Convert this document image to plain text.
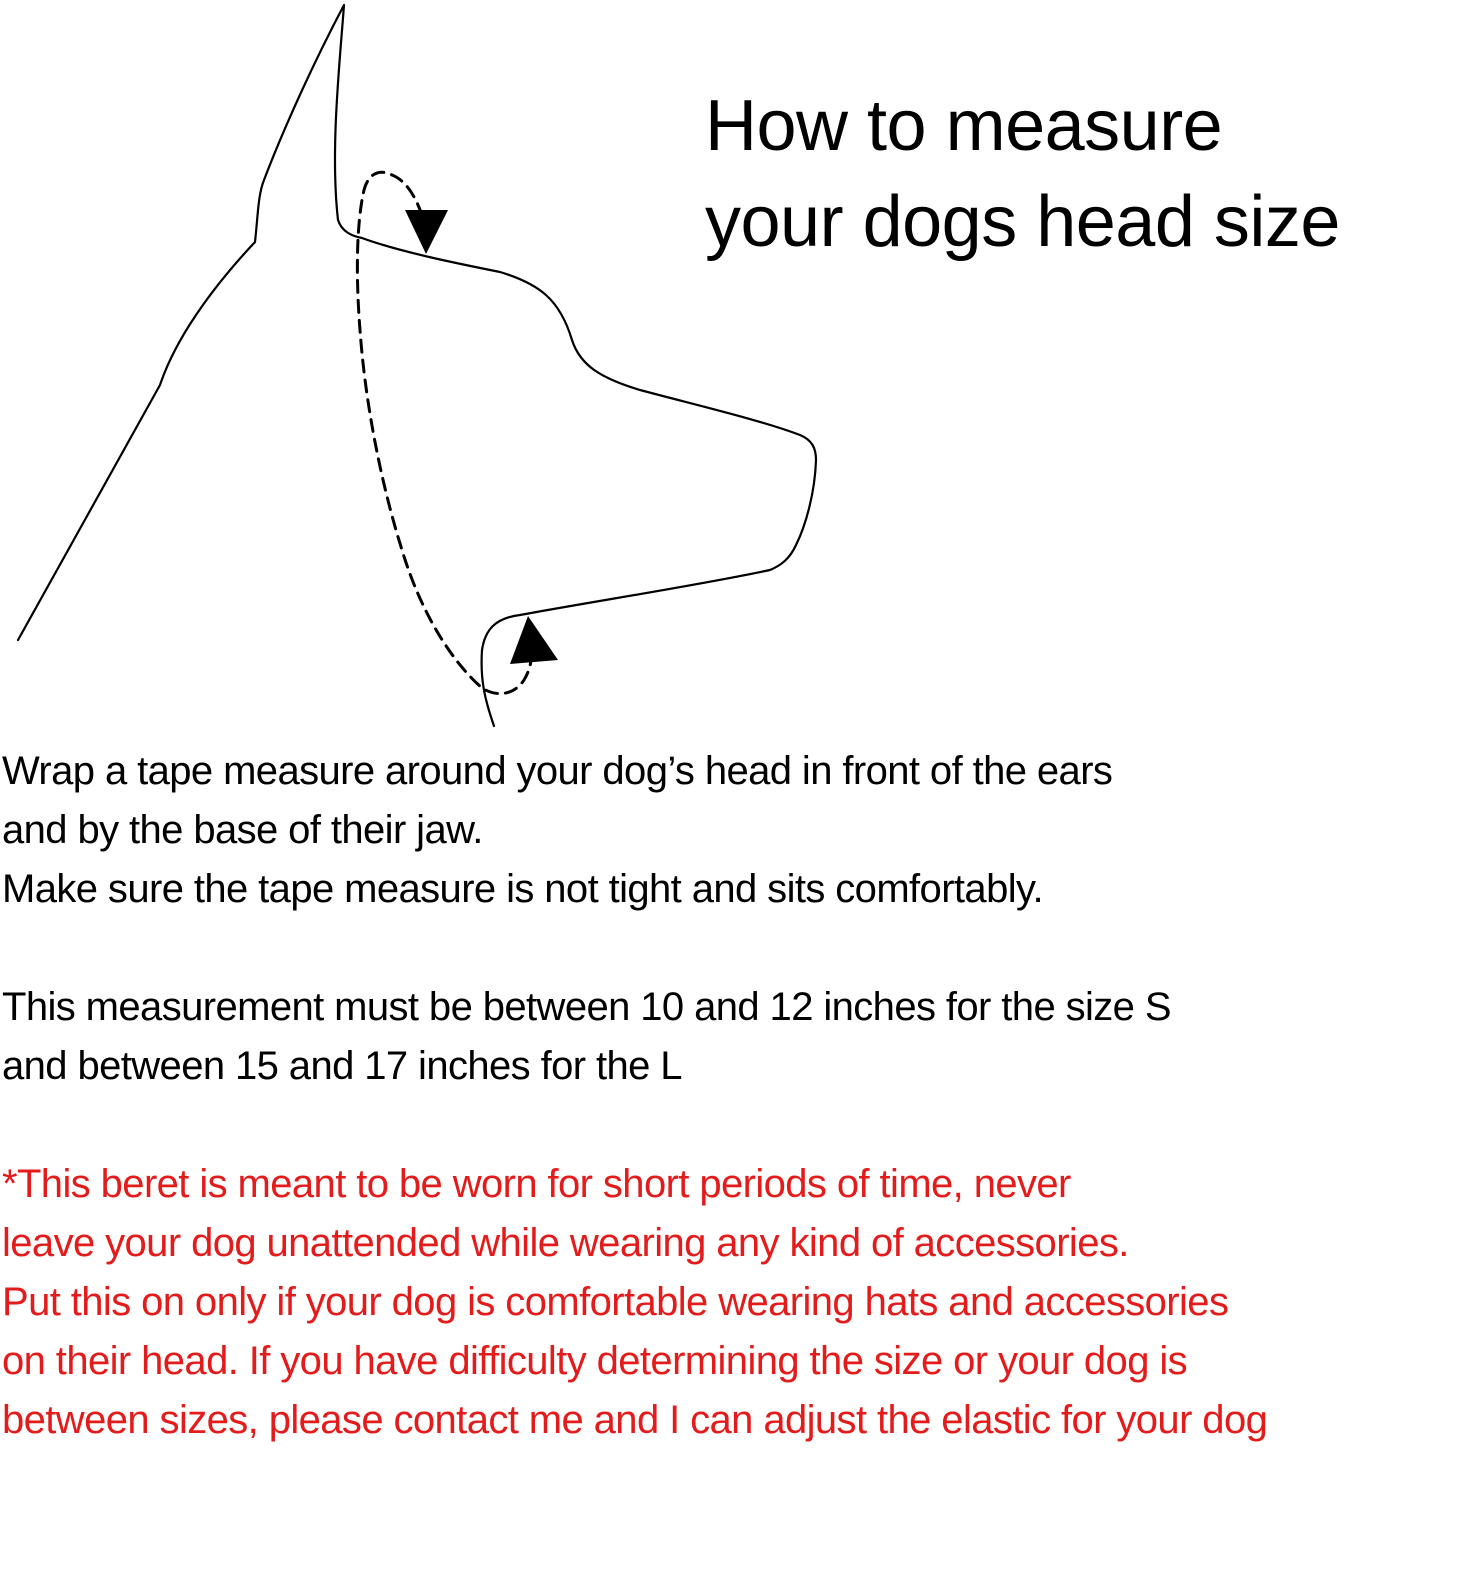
How to measure
your dogs head size

Wrap a tape measure around your dog’s head in front of the ears
and by the base of their jaw.
Make sure the tape measure is not tight and sits comfortably.

This measurement must be between 10 and 12 inches for the size S
and between 15 and 17 inches for the L

*This beret is meant to be worn for short periods of time, never
leave your dog unattended while wearing any kind of accessories.
Put this on only if your dog is comfortable wearing hats and accessories
on their head. If you have difficulty determining the size or your dog is
between sizes, please contact me and I can adjust the elastic for your dog
